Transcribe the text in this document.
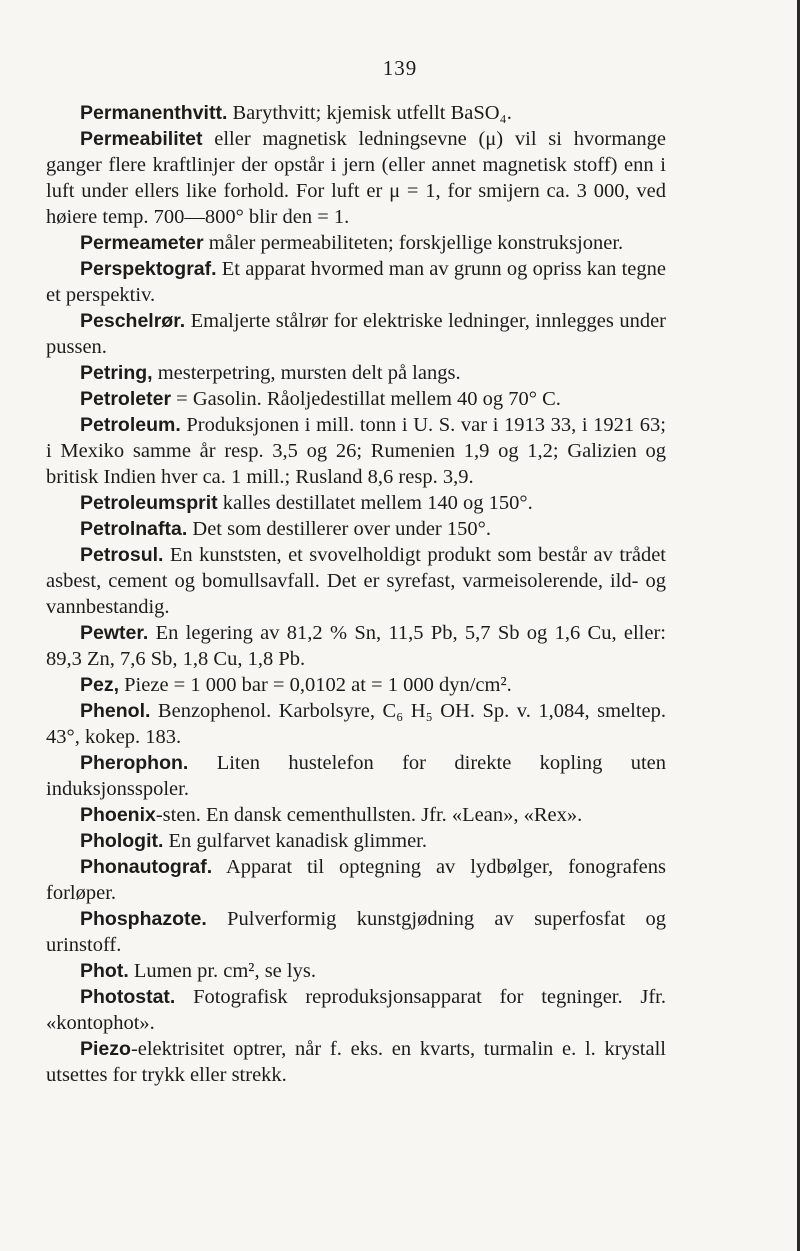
139

Permanenthvitt. Barythvitt; kjemisk utfellt BaSO₄.

Permeabilitet eller magnetisk ledningsevne (μ) vil si hvormange ganger flere kraftlinjer der opstår i jern (eller annet magnetisk stoff) enn i luft under ellers like forhold. For luft er μ = 1, for smijern ca. 3 000, ved høiere temp. 700—800° blir den = 1.

Permeameter måler permeabiliteten; forskjellige konstruksjoner.

Perspektograf. Et apparat hvormed man av grunn og opriss kan tegne et perspektiv.

Peschelrør. Emaljerte stålrør for elektriske ledninger, innlegges under pussen.

Petring, mesterpetring, mursten delt på langs.

Petroleter = Gasolin. Råoljedestillat mellem 40 og 70° C.

Petroleum. Produksjonen i mill. tonn i U. S. var i 1913 33, i 1921 63; i Mexiko samme år resp. 3,5 og 26; Rumenien 1,9 og 1,2; Galizien og britisk Indien hver ca. 1 mill.; Rusland 8,6 resp. 3,9.

Petroleumsprit kalles destillatet mellem 140 og 150°.

Petrolnafta. Det som destillerer over under 150°.

Petrosul. En kunststen, et svovelholdigt produkt som består av trådet asbest, cement og bomullsavfall. Det er syrefast, varmeisolerende, ild- og vannbestandig.

Pewter. En legering av 81,2 % Sn, 11,5 Pb, 5,7 Sb og 1,6 Cu, eller: 89,3 Zn, 7,6 Sb, 1,8 Cu, 1,8 Pb.

Pez, Pieze = 1 000 bar = 0,0102 at = 1 000 dyn/cm².

Phenol. Benzophenol. Karbolsyre, C₆ H₅ OH. Sp. v. 1,084, smeltep. 43°, kokep. 183.

Pherophon. Liten hustelefon for direkte kopling uten induksjonsspoler.

Phoenix-sten. En dansk cementhullsten. Jfr. «Lean», «Rex».

Phologit. En gulfarvet kanadisk glimmer.

Phonautograf. Apparat til optegning av lydbølger, fonografens forløper.

Phosphazote. Pulverformig kunstgjødning av superfosfat og urinstoff.

Phot. Lumen pr. cm², se lys.

Photostat. Fotografisk reproduksjonsapparat for tegninger. Jfr. «kontophot».

Piezo-elektrisitet optrer, når f. eks. en kvarts, turmalin e. l. krystall utsettes for trykk eller strekk.
